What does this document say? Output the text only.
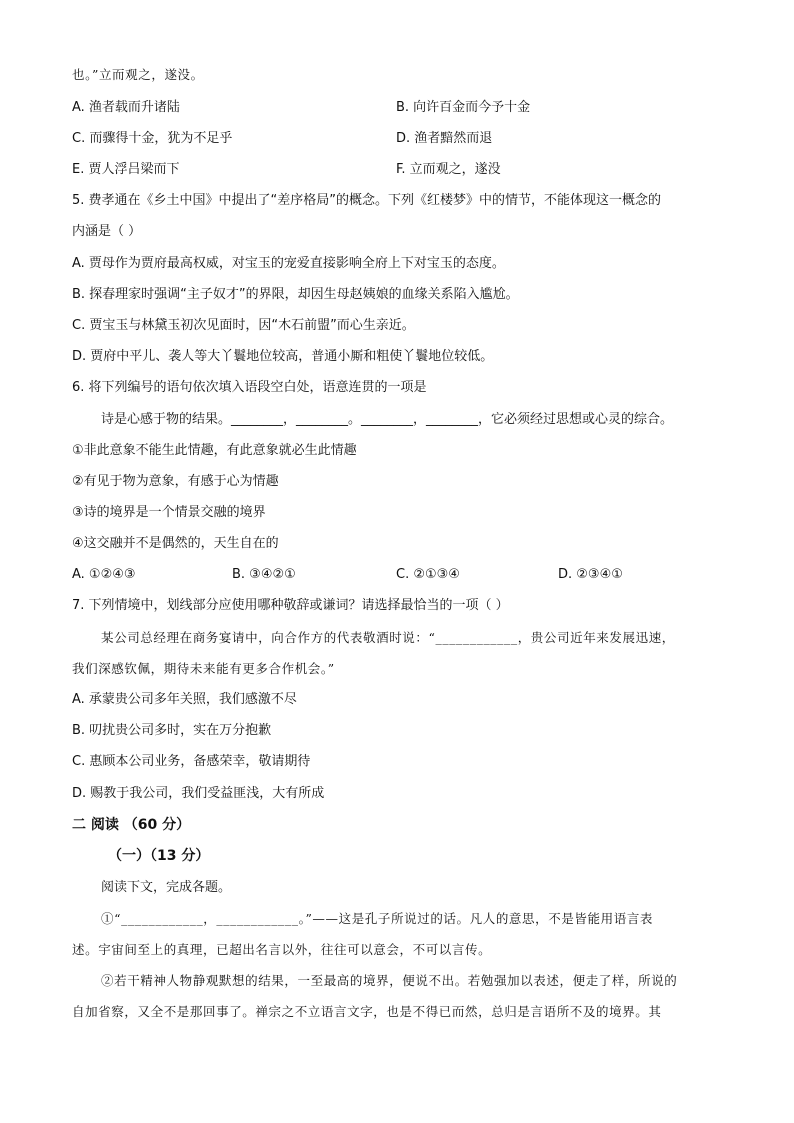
也。”立而观之，遂没。
A. 渔者载而升诸陆	B. 向许百金而今予十金
C. 而骤得十金，犹为不足乎	D. 渔者黯然而退
E. 贾人浮吕梁而下	F. 立而观之，遂没
5. 费孝通在《乡土中国》中提出了“差序格局”的概念。下列《红楼梦》中的情节，不能体现这一概念的
内涵是（ ）
A. 贾母作为贾府最高权威，对宝玉的宠爱直接影响全府上下对宝玉的态度。
B. 探春理家时强调“主子奴才”的界限，却因生母赵姨娘的血缘关系陷入尴尬。
C. 贾宝玉与林黛玉初次见面时，因“木石前盟”而心生亲近。
D. 贾府中平儿、袭人等大丫鬟地位较高，普通小厮和粗使丫鬟地位较低。
6. 将下列编号的语句依次填入语段空白处，语意连贯的一项是
诗是心感于物的结果。________，________。________，________，它必须经过思想或心灵的综合。
①非此意象不能生此情趣，有此意象就必生此情趣
②有见于物为意象，有感于心为情趣
③诗的境界是一个情景交融的境界
④这交融并不是偶然的，天生自在的
A. ①②④③	B. ③④②①	C. ②①③④	D. ②③④①
7. 下列情境中，划线部分应使用哪种敬辞或谦词？请选择最恰当的一项（ ）
某公司总经理在商务宴请中，向合作方的代表敬酒时说：“____________，贵公司近年来发展迅速，
我们深感钦佩，期待未来能有更多合作机会。”
A. 承蒙贵公司多年关照，我们感激不尽
B. 叨扰贵公司多时，实在万分抱歉
C. 惠顾本公司业务，备感荣幸，敬请期待
D. 赐教于我公司，我们受益匪浅，大有所成
二 阅读 （60 分）
（一）（13 分）
阅读下文，完成各题。
①“____________，____________。”——这是孔子所说过的话。凡人的意思，不是皆能用语言表
述。宇宙间至上的真理，已超出名言以外，往往可以意会，不可以言传。
②若干精神人物静观默想的结果，一至最高的境界，便说不出。若勉强加以表述，便走了样，所说的
自加省察，又全不是那回事了。禅宗之不立语言文字，也是不得已而然，总归是言语所不及的境界。其
